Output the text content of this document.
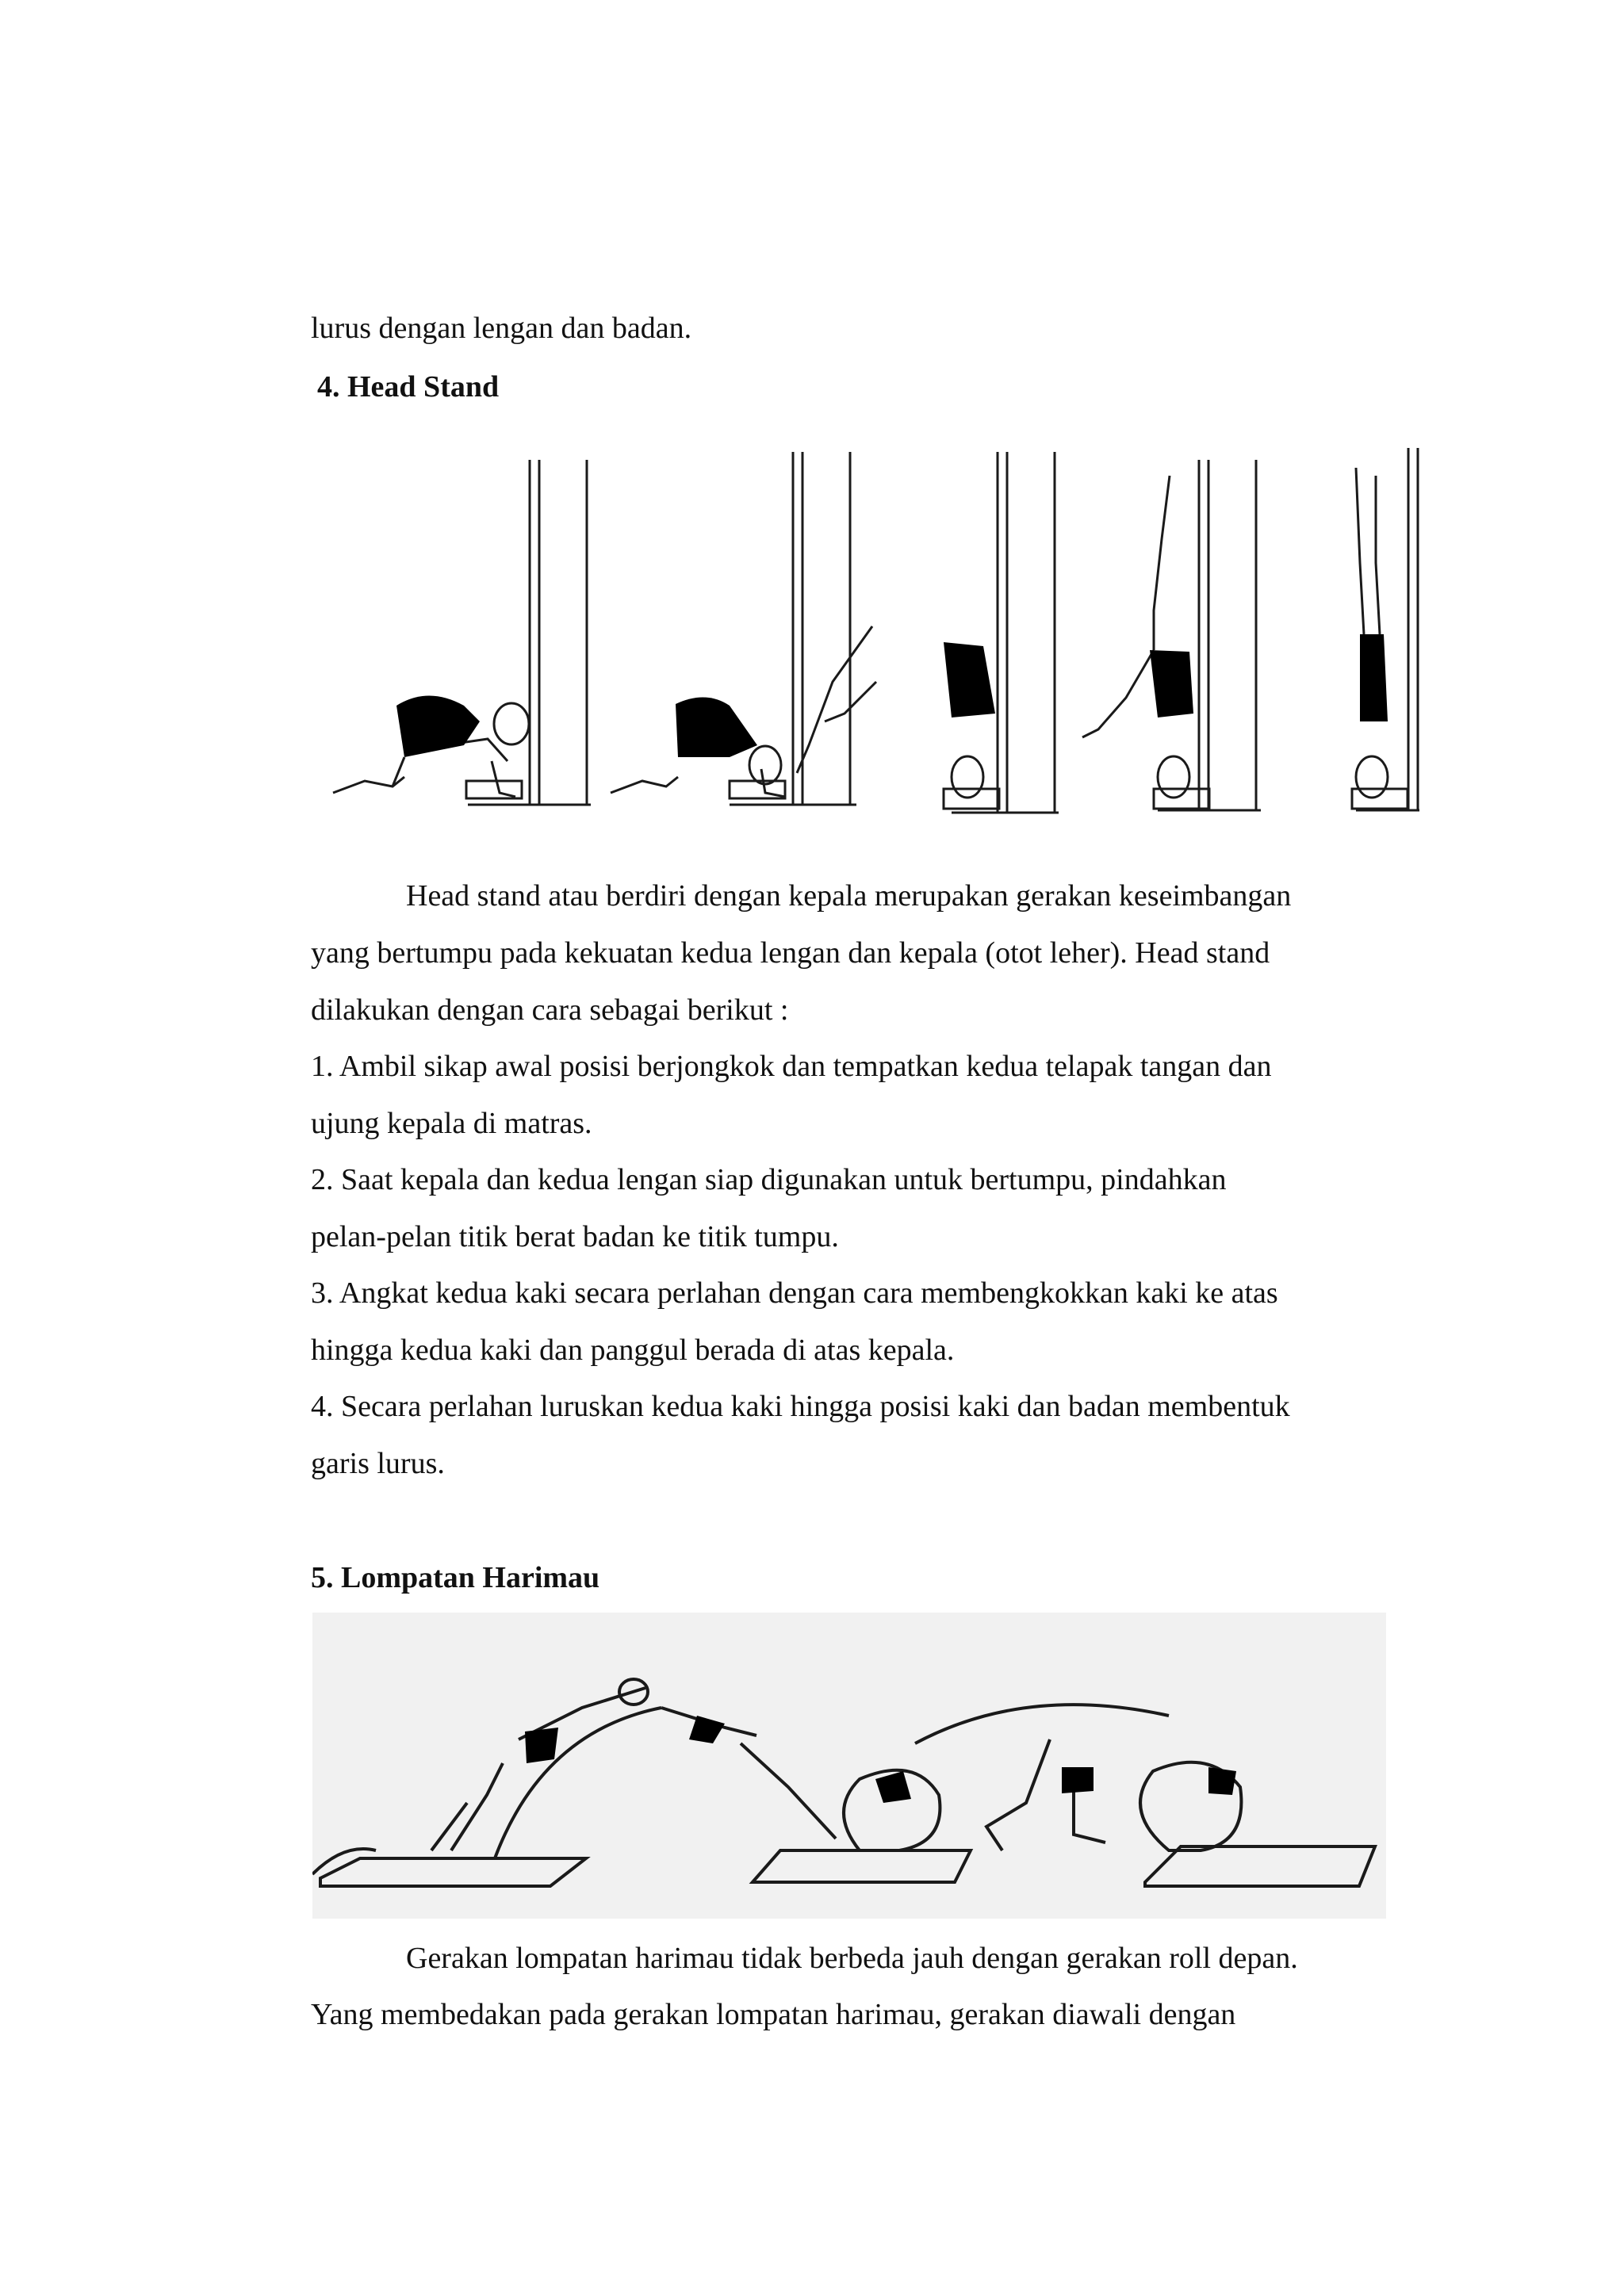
lurus dengan lengan dan badan.
4. Head Stand
Head stand atau berdiri dengan kepala merupakan gerakan keseimbangan
yang bertumpu pada kekuatan kedua lengan dan kepala (otot leher). Head stand
dilakukan dengan cara sebagai berikut :
1. Ambil sikap awal posisi berjongkok dan tempatkan kedua telapak tangan dan
ujung kepala di matras.
2. Saat kepala dan kedua lengan siap digunakan untuk bertumpu, pindahkan
pelan-pelan titik berat badan ke titik tumpu.
3. Angkat kedua kaki secara perlahan dengan cara membengkokkan kaki ke atas
hingga kedua kaki dan panggul berada di atas kepala.
4. Secara perlahan luruskan kedua kaki hingga posisi kaki dan badan membentuk
garis lurus.
5. Lompatan Harimau
Gerakan lompatan harimau tidak berbeda jauh dengan gerakan roll depan.
Yang membedakan pada gerakan lompatan harimau, gerakan diawali dengan
